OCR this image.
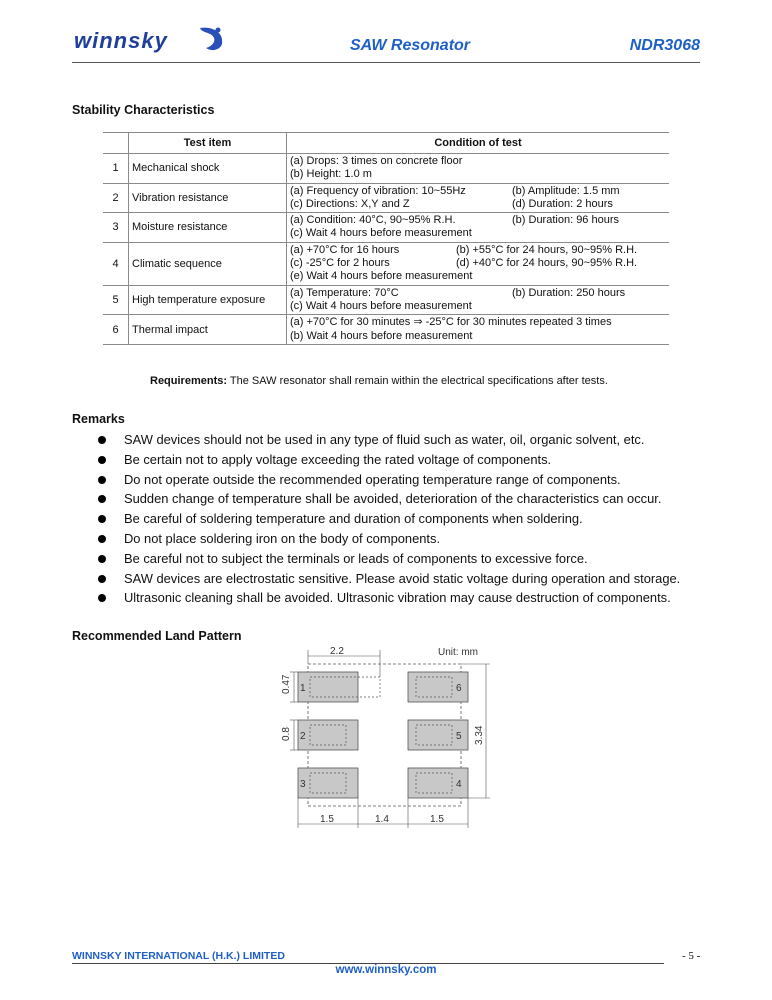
winnsky	SAW Resonator	NDR3068
Stability Characteristics
	Test item	Condition of test
1	Mechanical shock	(a) Drops: 3 times on concrete floor
(b) Height: 1.0 m

2	Vibration resistance	(a) Frequency of vibration: 10~55Hz (b) Amplitude: 1.5 mm
(c) Directions: X,Y and Z (d) Duration: 2 hours

3	Moisture resistance	(a) Condition: 40°C, 90~95% R.H. (b) Duration: 96 hours
(c) Wait 4 hours before measurement

4	Climatic sequence	(a) +70°C for 16 hours (b) +55°C for 24 hours, 90~95% R.H.
(c) -25°C for 2 hours (d) +40°C for 24 hours, 90~95% R.H.
(e) Wait 4 hours before measurement

5	High temperature exposure	(a) Temperature: 70°C (b) Duration: 250 hours
(c) Wait 4 hours before measurement

6	Thermal impact	(a) +70°C for 30 minutes ⇒ -25°C for 30 minutes repeated 3 times
(b) Wait 4 hours before measurement
Requirements: The SAW resonator shall remain within the electrical specifications after tests.
Remarks
SAW devices should not be used in any type of fluid such as water, oil, organic solvent, etc.
Be certain not to apply voltage exceeding the rated voltage of components.
Do not operate outside the recommended operating temperature range of components.
Sudden change of temperature shall be avoided, deterioration of the characteristics can occur.
Be careful of soldering temperature and duration of components when soldering.
Do not place soldering iron on the body of components.
Be careful not to subject the terminals or leads of components to excessive force.
SAW devices are electrostatic sensitive. Please avoid static voltage during operation and storage.
Ultrasonic cleaning shall be avoided. Ultrasonic vibration may cause destruction of components.
Recommended Land Pattern
1
2
3	4
5
6
2.2	Unit: mm
3.34
0.47
0.8
1.5	1.4	1.5
WINNSKY INTERNATIONAL (H.K.) LIMITED	- 5 -
www.winnsky.com
